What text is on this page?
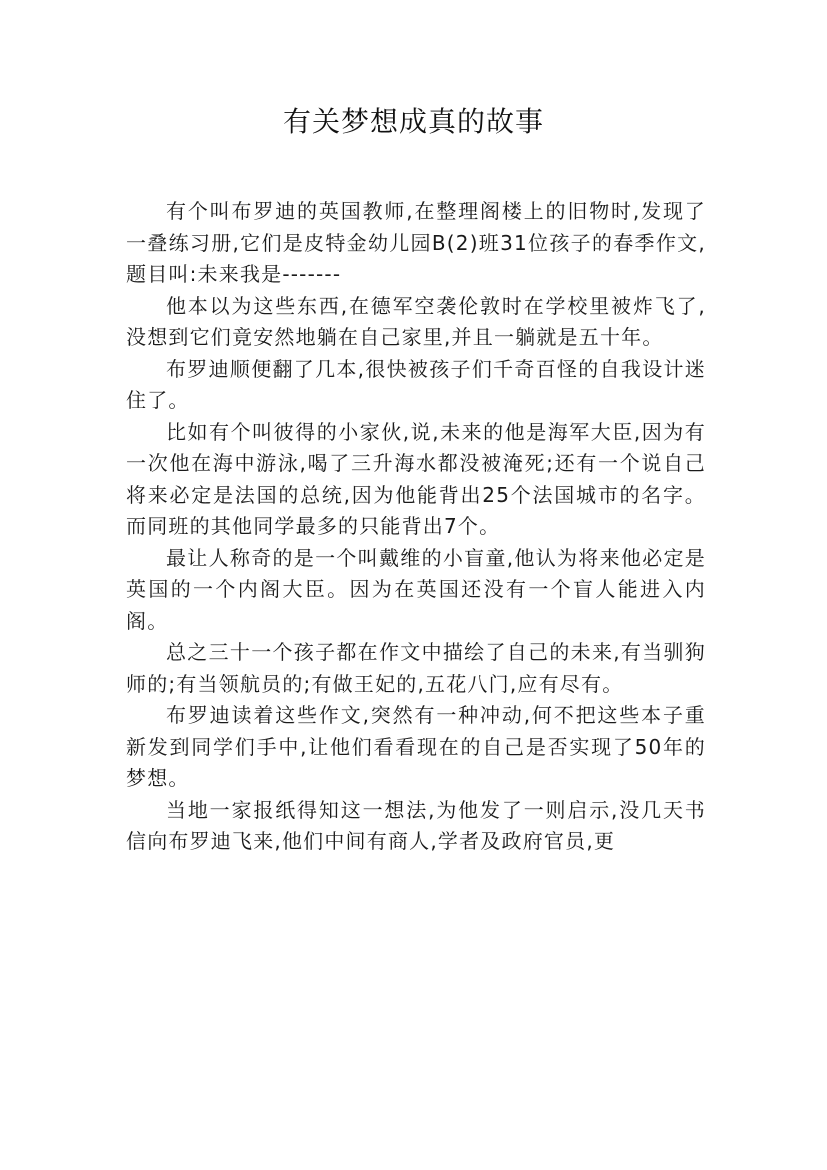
有关梦想成真的故事

有个叫布罗迪的英国教师,在整理阁楼上的旧物时,发现了一叠练习册,它们是皮特金幼儿园B(2)班31位孩子的春季作文,题目叫:未来我是-------

他本以为这些东西,在德军空袭伦敦时在学校里被炸飞了,没想到它们竟安然地躺在自己家里,并且一躺就是五十年。

布罗迪顺便翻了几本,很快被孩子们千奇百怪的自我设计迷住了。

比如有个叫彼得的小家伙,说,未来的他是海军大臣,因为有一次他在海中游泳,喝了三升海水都没被淹死;还有一个说自己将来必定是法国的总统,因为他能背出25个法国城市的名字。而同班的其他同学最多的只能背出7个。

最让人称奇的是一个叫戴维的小盲童,他认为将来他必定是英国的一个内阁大臣。因为在英国还没有一个盲人能进入内阁。

总之三十一个孩子都在作文中描绘了自己的未来,有当驯狗师的;有当领航员的;有做王妃的,五花八门,应有尽有。

布罗迪读着这些作文,突然有一种冲动,何不把这些本子重新发到同学们手中,让他们看看现在的自己是否实现了50年的梦想。

当地一家报纸得知这一想法,为他发了一则启示,没几天书信向布罗迪飞来,他们中间有商人,学者及政府官员,更
